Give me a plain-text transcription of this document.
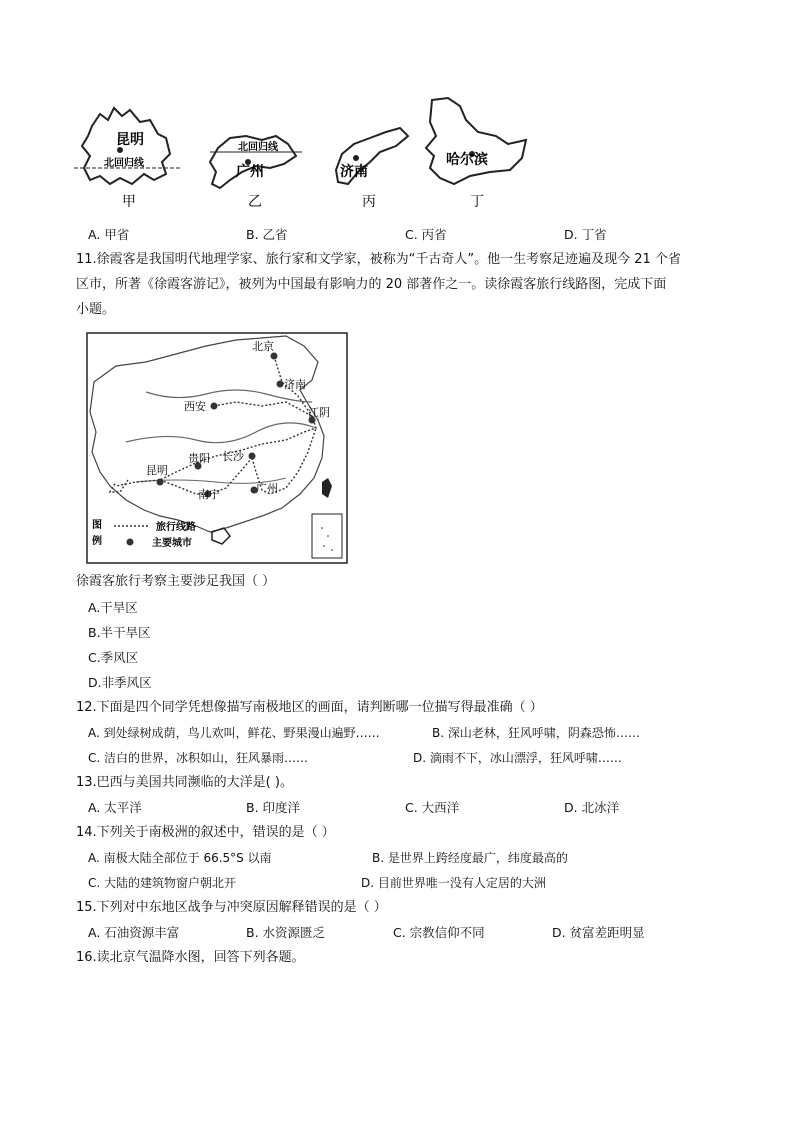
昆明
北回归线
甲
北回归线
广州
乙
济南
丙
哈尔滨
丁
A. 甲省	B. 乙省	C. 丙省	D. 丁省
11.徐霞客是我国明代地理学家、旅行家和文学家，被称为“千古奇人”。他一生考察足迹遍及现今 21 个省
区市，所著《徐霞客游记》，被列为中国最有影响力的 20 部著作之一。读徐霞客旅行线路图，完成下面
小题。
北京
济南
西安	江阴
贵阳 长沙
昆明
南宁	广州
图
例
旅行线路
主要城市
徐霞客旅行考察主要涉足我国（ ）
A.干旱区
B.半干旱区
C.季风区
D.非季风区
12.下面是四个同学凭想像描写南极地区的画面，请判断哪一位描写得最准确（ ）
A. 到处绿树成荫，鸟儿欢叫，鲜花、野果漫山遍野……	B. 深山老林，狂风呼啸，阴森恐怖……
C. 洁白的世界，冰积如山，狂风暴雨……	D. 滴雨不下，冰山漂浮，狂风呼啸……
13.巴西与美国共同濒临的大洋是( )。
A. 太平洋	B. 印度洋	C. 大西洋	D. 北冰洋
14.下列关于南极洲的叙述中，错误的是（ ）
A. 南极大陆全部位于 66.5°S 以南	B. 是世界上跨经度最广，纬度最高的
C. 大陆的建筑物窗户朝北开	D. 目前世界唯一没有人定居的大洲
15.下列对中东地区战争与冲突原因解释错误的是（ ）
A. 石油资源丰富	B. 水资源匮乏	C. 宗教信仰不同	D. 贫富差距明显
16.读北京气温降水图，回答下列各题。
